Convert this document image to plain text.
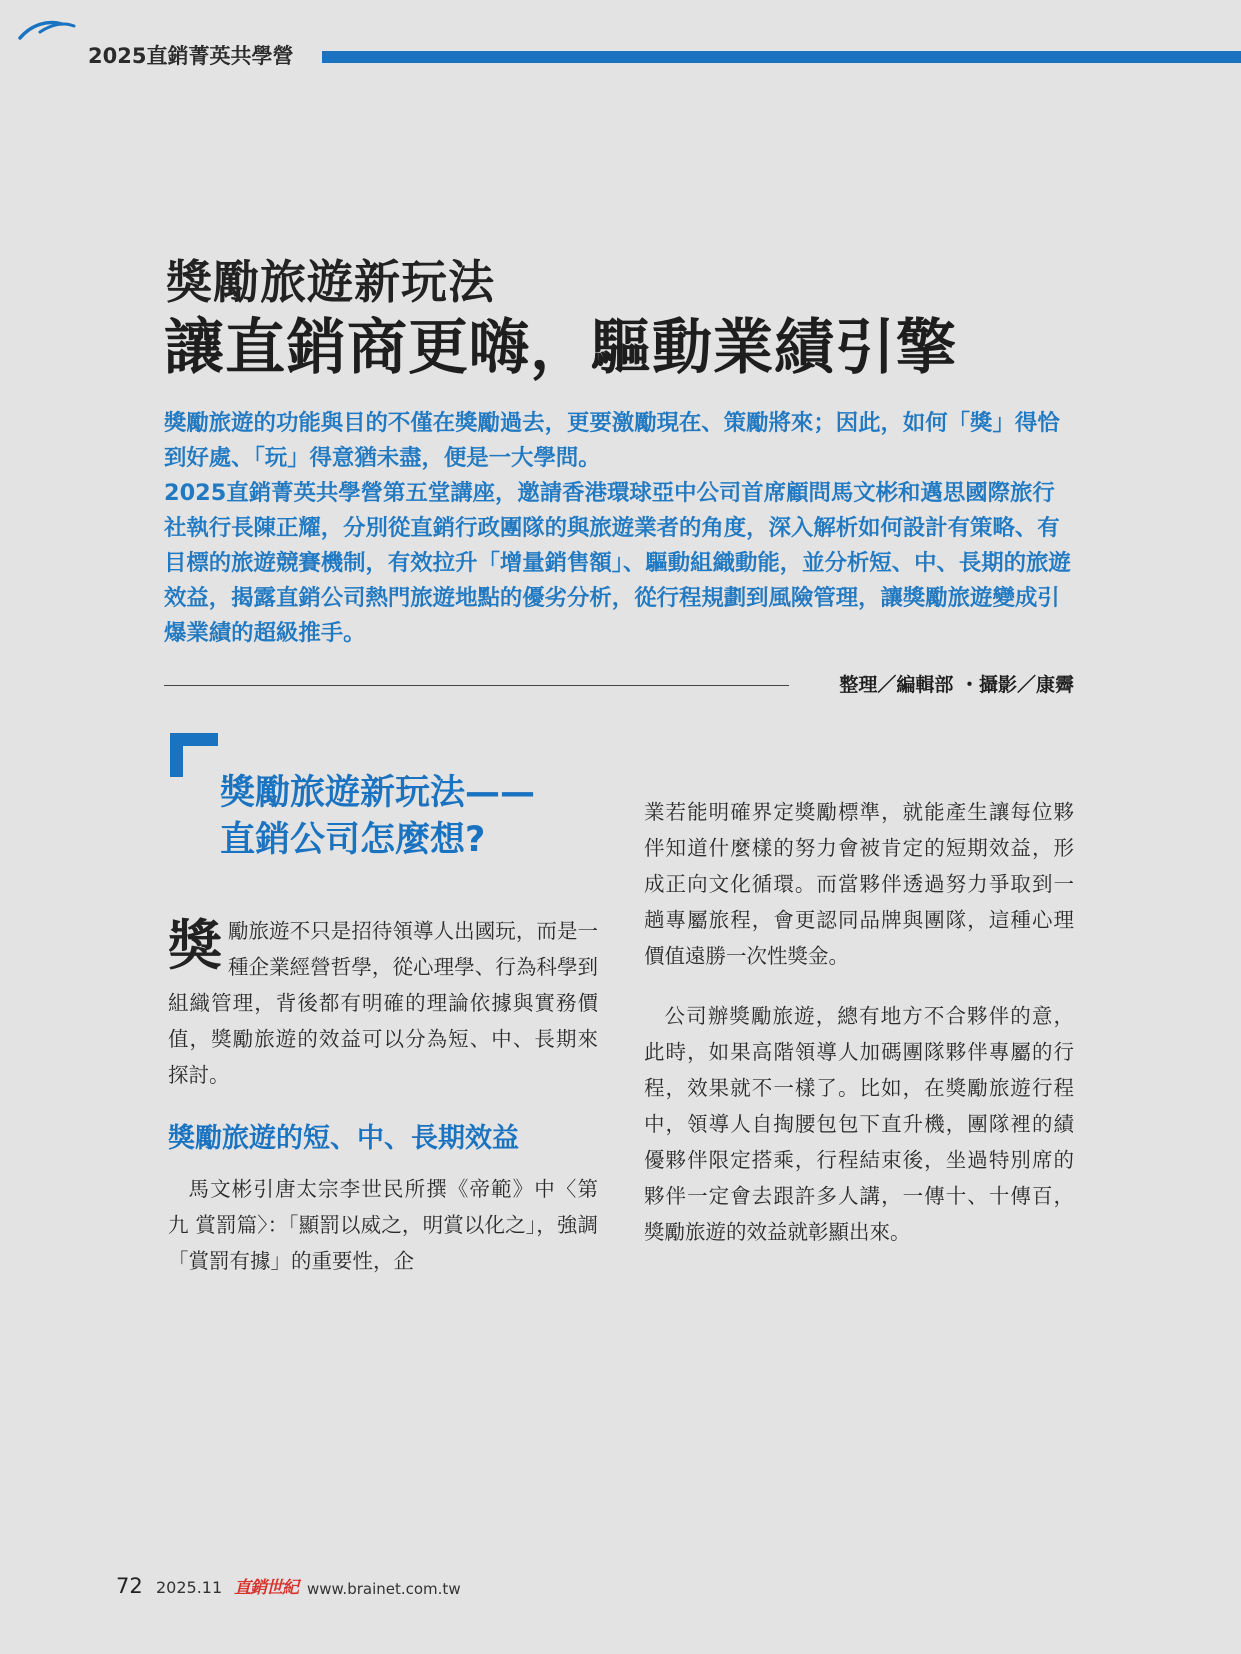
2025直銷菁英共學營
獎勵旅遊新玩法
讓直銷商更嗨，驅動業績引擎

獎勵旅遊的功能與目的不僅在獎勵過去，更要激勵現在、策勵將來；因此，如何「獎」得恰到好處、「玩」得意猶未盡，便是一大學問。

2025直銷菁英共學營第五堂講座，邀請香港環球亞中公司首席顧問馬文彬和邁思國際旅行社執行長陳正耀，分別從直銷行政團隊的與旅遊業者的角度，深入解析如何設計有策略、有目標的旅遊競賽機制，有效拉升「增量銷售額」、驅動組織動能，並分析短、中、長期的旅遊效益，揭露直銷公司熱門旅遊地點的優劣分析，從行程規劃到風險管理，讓獎勵旅遊變成引爆業績的超級推手。

整理／編輯部 ・攝影／康霽
獎勵旅遊新玩法——
直銷公司怎麼想?

獎勵旅遊不只是招待領導人出國玩，而是一種企業經營哲學，從心理學、行為科學到組織管理，背後都有明確的理論依據與實務價值，獎勵旅遊的效益可以分為短、中、長期來探討。

獎勵旅遊的短、中、長期效益

馬文彬引唐太宗李世民所撰《帝範》中〈第九 賞罰篇〉：「顯罰以威之，明賞以化之」，強調「賞罰有據」的重要性，企

業若能明確界定獎勵標準，就能產生讓每位夥伴知道什麼樣的努力會被肯定的短期效益，形成正向文化循環。而當夥伴透過努力爭取到一趟專屬旅程，會更認同品牌與團隊，這種心理價值遠勝一次性獎金。

公司辦獎勵旅遊，總有地方不合夥伴的意，此時，如果高階領導人加碼團隊夥伴專屬的行程，效果就不一樣了。比如，在獎勵旅遊行程中，領導人自掏腰包包下直升機，團隊裡的績優夥伴限定搭乘，行程結束後，坐過特別席的夥伴一定會去跟許多人講，一傳十、十傳百，獎勵旅遊的效益就彰顯出來。

72 2025.11 直銷世紀 www.brainet.com.tw
